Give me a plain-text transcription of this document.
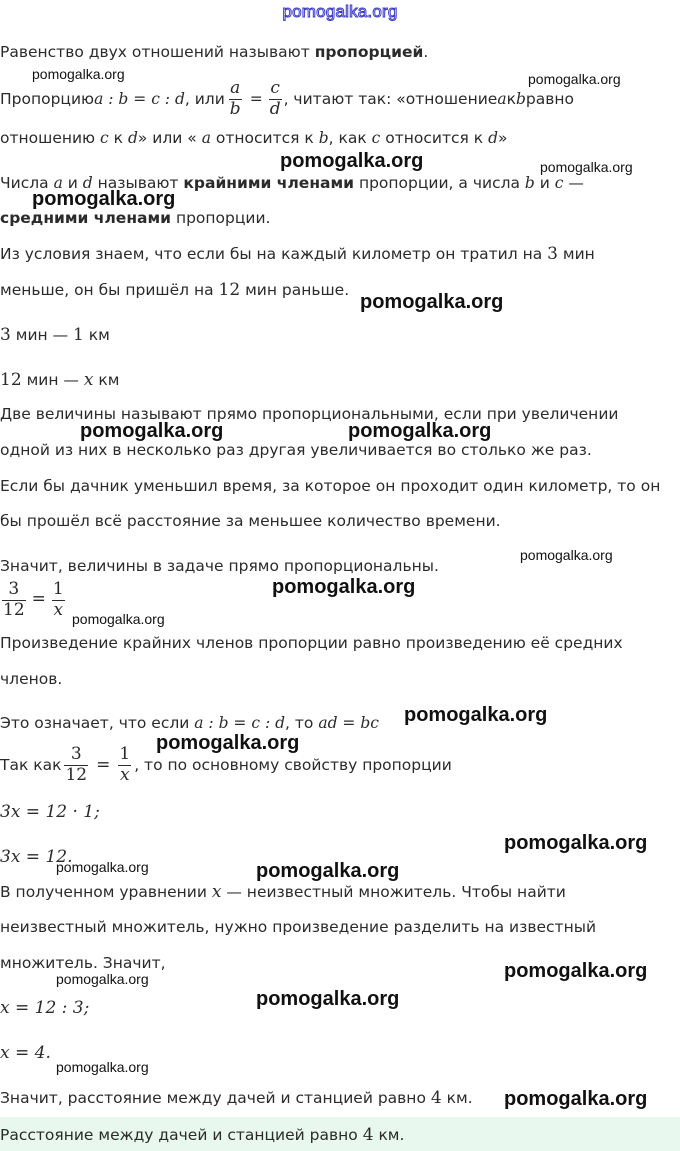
pomogalka.org
Равенство двух отношений называют пропорцией.
Пропорцию a : b = c : d , или $\frac{a}{b} = \frac{c}{d}$ , читают так: «отношение a к b равно
отношению c к d» или « a относится к b, как c относится к d»
Числа a и d называют крайними членами пропорции, а числа b и c —
средними членами пропорции.
Из условия знаем, что если бы на каждый километр он тратил на 3 мин
меньше, он бы пришёл на 12 мин раньше.
3 мин — 1 км
12 мин — x км
Две величины называют прямо пропорциональными, если при увеличении
одной из них в несколько раз другая увеличивается во столько же раз.
Если бы дачник уменьшил время, за которое он проходит один километр, то он
бы прошёл всё расстояние за меньшее количество времени.
Значит, величины в задаче прямо пропорциональны.
$\frac{3}{12} = \frac{1}{x}$
Произведение крайних членов пропорции равно произведению её средних
членов.
Это означает, что если a : b = c : d, то ad = bc
Так как $\frac{3}{12} = \frac{1}{x}$ , то по основному свойству пропорции
3x = 12 · 1;
3x = 12.
В полученном уравнении x — неизвестный множитель. Чтобы найти
неизвестный множитель, нужно произведение разделить на известный
множитель. Значит,
x = 12 : 3;
x = 4.
Значит, расстояние между дачей и станцией равно 4 км.
Расстояние между дачей и станцией равно 4 км.
pomogalka.org	pomogalka.org
pomogalka.org	pomogalka.org
pomogalka.org
pomogalka.org
pomogalka.org	pomogalka.org
pomogalka.org
pomogalka.org
pomogalka.org
pomogalka.org
pomogalka.org
pomogalka.org
pomogalka.org	pomogalka.org
pomogalka.org
pomogalka.org
pomogalka.org
pomogalka.org
pomogalka.org
